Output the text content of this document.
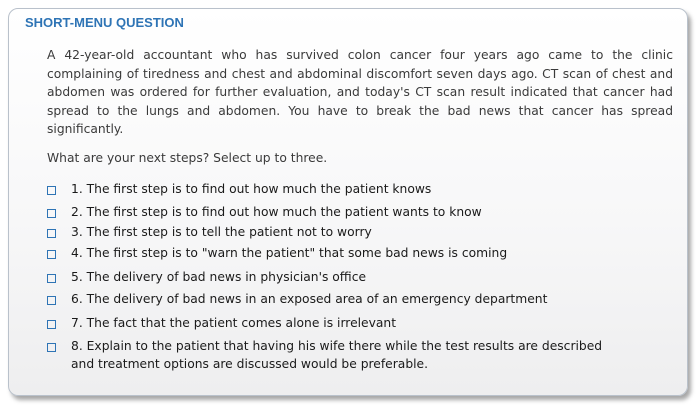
SHORT-MENU QUESTION

A 42-year-old accountant who has survived colon cancer four years ago came to the clinic complaining of tiredness and chest and abdominal discomfort seven days ago. CT scan of chest and abdomen was ordered for further evaluation, and today's CT scan result indicated that cancer had spread to the lungs and abdomen. You have to break the bad news that cancer has spread significantly.

What are your next steps? Select up to three.

1. The first step is to find out how much the patient knows
2. The first step is to find out how much the patient wants to know
3. The first step is to tell the patient not to worry
4. The first step is to "warn the patient" that some bad news is coming
5. The delivery of bad news in physician's office
6. The delivery of bad news in an exposed area of an emergency department
7. The fact that the patient comes alone is irrelevant
8. Explain to the patient that having his wife there while the test results are described
and treatment options are discussed would be preferable.
